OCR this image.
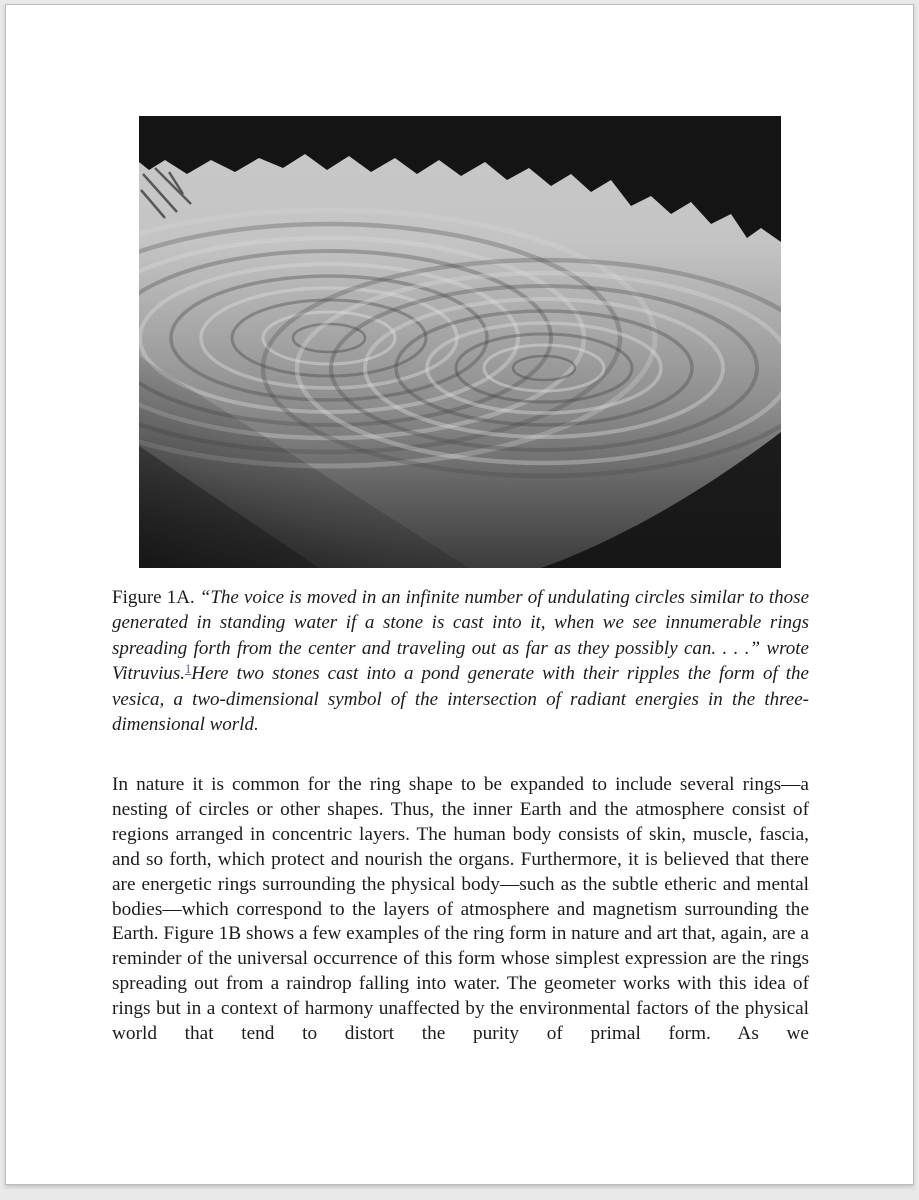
Figure 1A. “The voice is moved in an infinite number of undulating circles similar to those generated in standing water if a stone is cast into it, when we see innumerable rings spreading forth from the center and traveling out as far as they possibly can. . . .” wrote Vitruvius.$^1$Here two stones cast into a pond generate with their ripples the form of the vesica, a two-dimensional symbol of the intersection of radiant energies in the three-dimensional world.

In nature it is common for the ring shape to be expanded to include several rings—a nesting of circles or other shapes. Thus, the inner Earth and the atmosphere consist of regions arranged in concentric layers. The human body consists of skin, muscle, fascia, and so forth, which protect and nourish the organs. Furthermore, it is believed that there are energetic rings surrounding the physical body—such as the subtle etheric and mental bodies—which correspond to the layers of atmosphere and magnetism surrounding the Earth. Figure 1B shows a few examples of the ring form in nature and art that, again, are a reminder of the universal occurrence of this form whose simplest expression are the rings spreading out from a raindrop falling into water. The geometer works with this idea of rings but in a context of harmony unaffected by the environmental factors of the physical world that tend to distort the purity of primal form. As we
